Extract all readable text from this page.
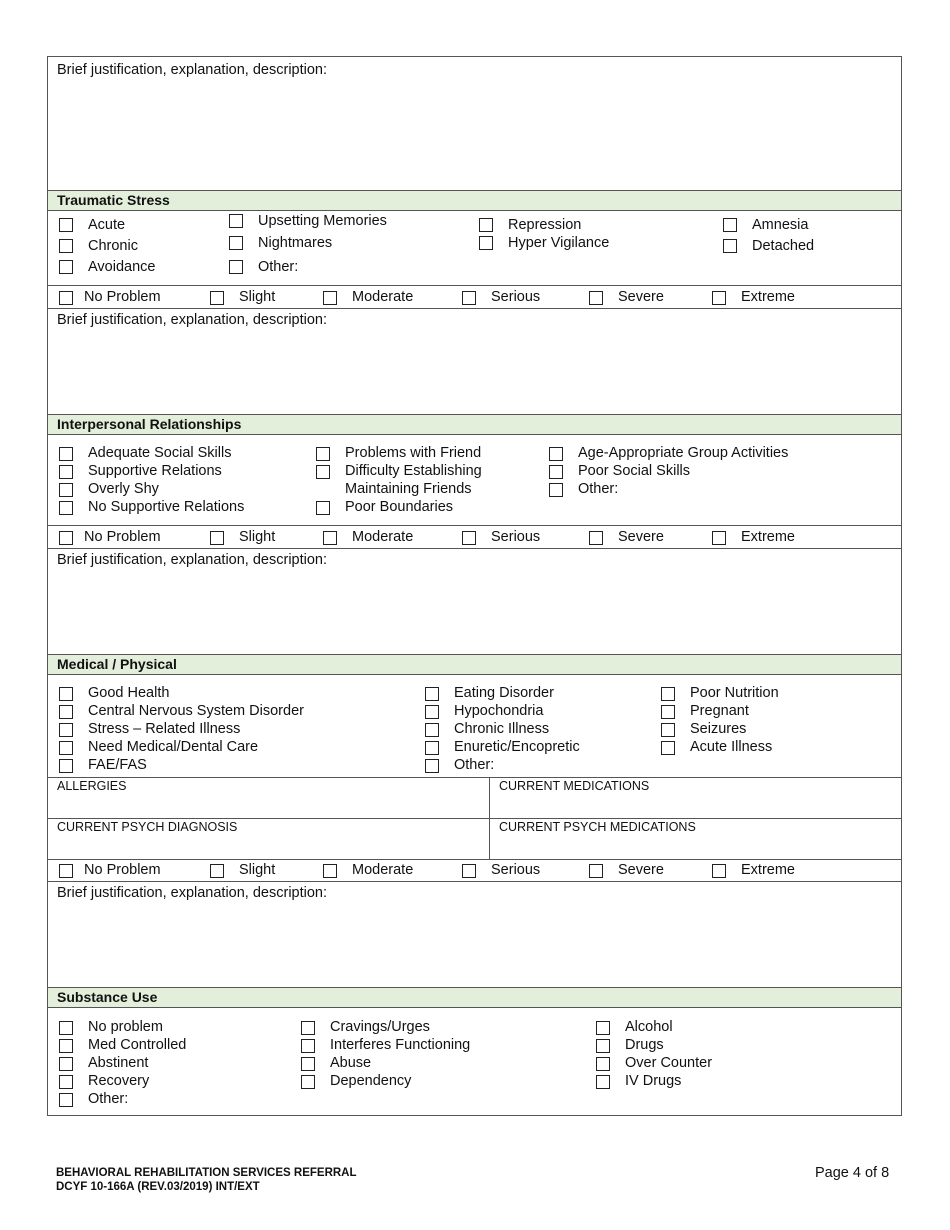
Brief justification, explanation, description:
Traumatic Stress
Acute
Chronic
Avoidance
Upsetting Memories
Nightmares
Other:
Repression
Hyper Vigilance
Amnesia
Detached
No Problem	Slight	Moderate	Serious	Severe	Extreme
Brief justification, explanation, description:
Interpersonal Relationships
Adequate Social Skills
Supportive Relations
Overly Shy
No Supportive Relations
Problems with Friend
Difficulty Establishing
Maintaining Friends
Poor Boundaries
Age-Appropriate Group Activities
Poor Social Skills
Other:
No Problem	Slight	Moderate	Serious	Severe	Extreme
Brief justification, explanation, description:
Medical / Physical
Good Health
Central Nervous System Disorder
Stress – Related Illness
Need Medical/Dental Care
FAE/FAS
Eating Disorder
Hypochondria
Chronic Illness
Enuretic/Encopretic
Other:
Poor Nutrition
Pregnant
Seizures
Acute Illness
ALLERGIES	CURRENT MEDICATIONS
CURRENT PSYCH DIAGNOSIS	CURRENT PSYCH MEDICATIONS
No Problem	Slight	Moderate	Serious	Severe	Extreme
Brief justification, explanation, description:
Substance Use
No problem
Med Controlled
Abstinent
Recovery
Other:
Cravings/Urges
Interferes Functioning
Abuse
Dependency
Alcohol
Drugs
Over Counter
IV Drugs
BEHAVIORAL REHABILITATION SERVICES REFERRAL
DCYF 10-166A (REV.03/2019) INT/EXT
Page 4 of 8
